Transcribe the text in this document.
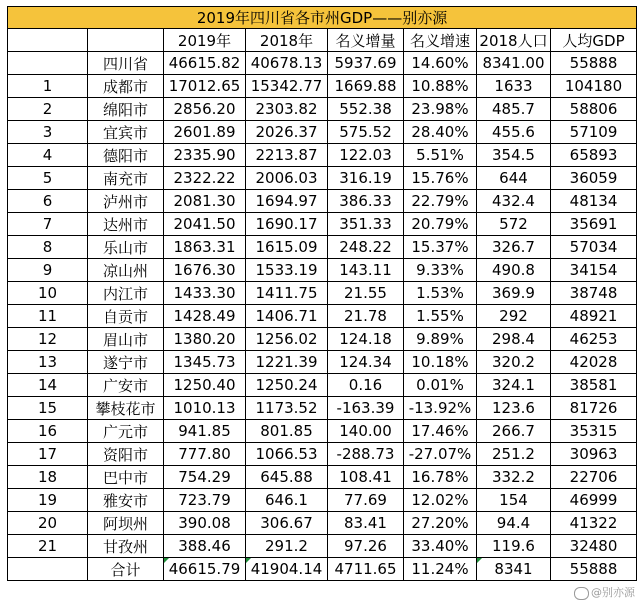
2019年四川省各市州GDP——别亦源							
		2019年	2018年	名义增量	名义增速	2018人口	人均GDP
	四川省	46615.82	40678.13	5937.69	14.60%	8341.00	55888
1	成都市	17012.65	15342.77	1669.88	10.88%	1633	104180
2	绵阳市	2856.20	2303.82	552.38	23.98%	485.7	58806
3	宜宾市	2601.89	2026.37	575.52	28.40%	455.6	57109
4	德阳市	2335.90	2213.87	122.03	5.51%	354.5	65893
5	南充市	2322.22	2006.03	316.19	15.76%	644	36059
6	泸州市	2081.30	1694.97	386.33	22.79%	432.4	48134
7	达州市	2041.50	1690.17	351.33	20.79%	572	35691
8	乐山市	1863.31	1615.09	248.22	15.37%	326.7	57034
9	凉山州	1676.30	1533.19	143.11	9.33%	490.8	34154
10	内江市	1433.30	1411.75	21.55	1.53%	369.9	38748
11	自贡市	1428.49	1406.71	21.78	1.55%	292	48921
12	眉山市	1380.20	1256.02	124.18	9.89%	298.4	46253
13	遂宁市	1345.73	1221.39	124.34	10.18%	320.2	42028
14	广安市	1250.40	1250.24	0.16	0.01%	324.1	38581
15	攀枝花市	1010.13	1173.52	-163.39	-13.92%	123.6	81726
16	广元市	941.85	801.85	140.00	17.46%	266.7	35315
17	资阳市	777.80	1066.53	-288.73	-27.07%	251.2	30963
18	巴中市	754.29	645.88	108.41	16.78%	332.2	22706
19	雅安市	723.79	646.1	77.69	12.02%	154	46999
20	阿坝州	390.08	306.67	83.41	27.20%	94.4	41322
21	甘孜州	388.46	291.2	97.26	33.40%	119.6	32480
	合计	46615.79	41904.14	4711.65	11.24%	8341	55888
@别亦源
